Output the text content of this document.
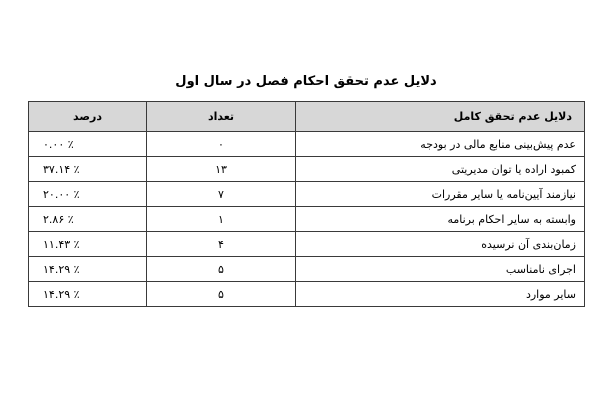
دلایل عدم تحقق احکام فصل در سال اول
دلایل عدم تحقق کامل	تعداد	درصد
عدم پیش‌بینی منابع مالی در بودجه	۰	٪ ۰.۰۰
کمبود اراده یا توان مدیریتی	۱۳	٪ ۳۷.۱۴
نیازمند آیین‌نامه یا سایر مقررات	۷	٪ ۲۰.۰۰
وابسته به سایر احکام برنامه	۱	٪ ۲.۸۶
زمان‌بندی آن نرسیده	۴	٪ ۱۱.۴۳
اجرای نامناسب	۵	٪ ۱۴.۲۹
سایر موارد	۵	٪ ۱۴.۲۹
